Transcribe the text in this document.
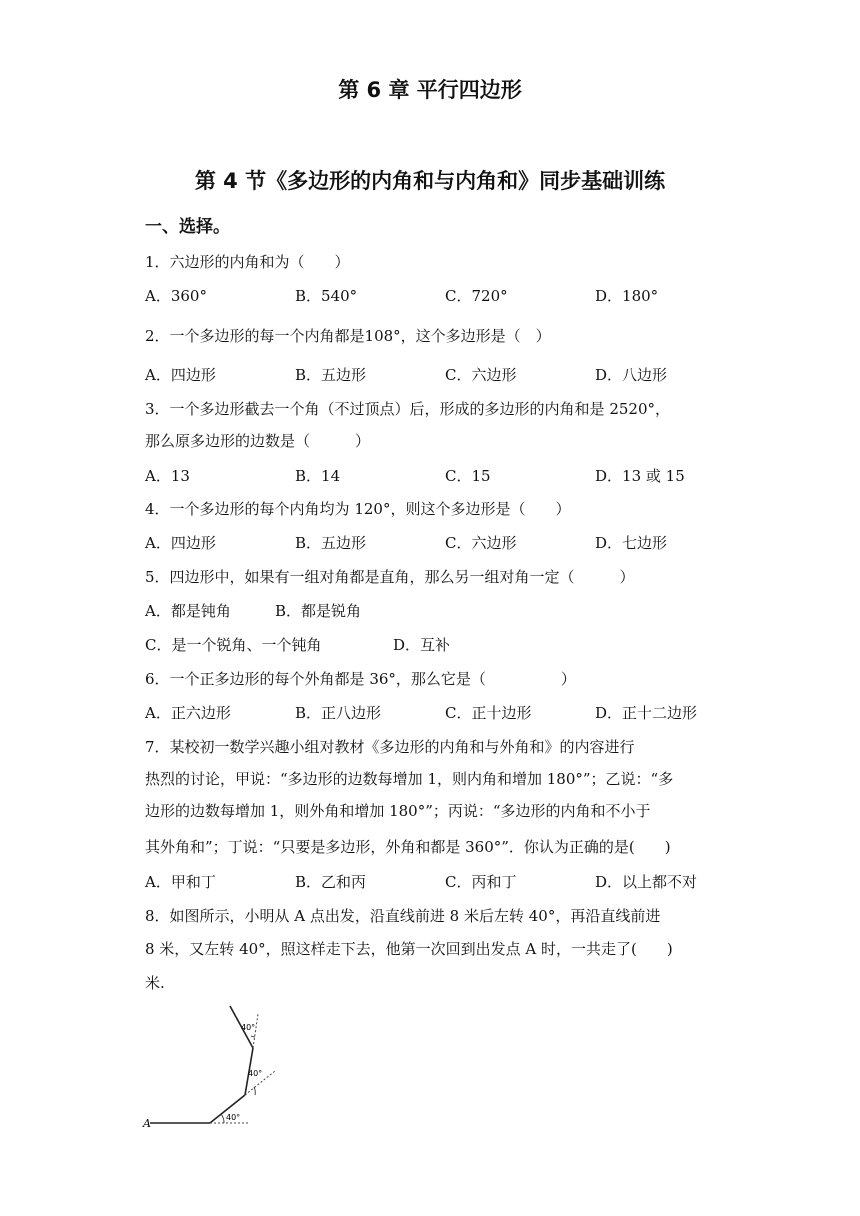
第 6 章 平行四边形
第 4 节《多边形的内角和与内角和》同步基础训练
一、选择。
1．六边形的内角和为（　　）
A．360°	B．540°	C．720°	D．180°
2．一个多边形的每一个内角都是108°，这个多边形是（　）
A．四边形	B．五边形	C．六边形	D．八边形
3．一个多边形截去一个角（不过顶点）后，形成的多边形的内角和是 2520°，
那么原多边形的边数是（　　　）
A．13	B．14	C．15	D．13 或 15
4．一个多边形的每个内角均为 120°，则这个多边形是（　　）
A．四边形	B．五边形	C．六边形	D．七边形
5．四边形中，如果有一组对角都是直角，那么另一组对角一定（　　　）
A．都是钝角	B．都是锐角
C．是一个锐角、一个钝角	D．互补
6．一个正多边形的每个外角都是 36°，那么它是（　　　　　）
A．正六边形	B．正八边形	C．正十边形	D．正十二边形
7．某校初一数学兴趣小组对教材《多边形的内角和与外角和》的内容进行
热烈的讨论，甲说：“多边形的边数每增加 1，则内角和增加 180°”；乙说：“多
边形的边数每增加 1，则外角和增加 180°”；丙说：“多边形的内角和不小于
其外角和”；丁说：“只要是多边形，外角和都是 360°”．你认为正确的是(　　)
A．甲和丁	B．乙和丙	C．丙和丁	D．以上都不对
8．如图所示，小明从 A 点出发，沿直线前进 8 米后左转 40°，再沿直线前进
8 米，又左转 40°，照这样走下去，他第一次回到出发点 A 时，一共走了(　　)
米.
A	40°
40°
40°
